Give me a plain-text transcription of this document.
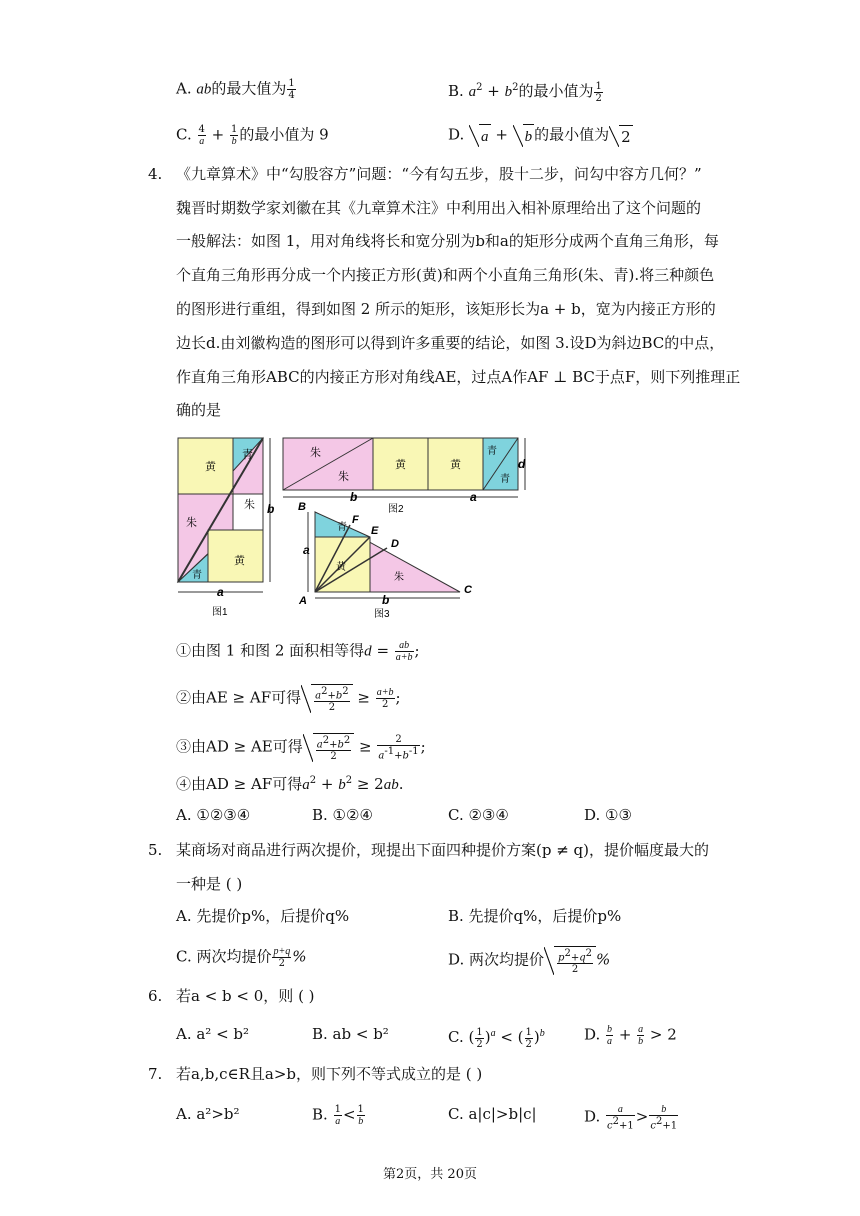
A. ab的最大值为 $\frac{1}{4}$	B. $a^2 + b^2$的最小值为 $\frac{1}{2}$
C. $\frac{4}{a} + \frac{1}{b}$ 的最小值为 9	D. a + b 的最小值为 2
4. 《九章算术》中“勾股容方”问题：“今有勾五步，股十二步，问勾中容方几何？”
魏晋时期数学家刘徽在其《九章算术注》中利用出入相补原理给出了这个问题的
一般解法：如图 1，用对角线将长和宽分别为b和a的矩形分成两个直角三角形，每
个直角三角形再分成一个内接正方形(黄)和两个小直角三角形(朱、青).将三种颜色
的图形进行重组，得到如图 2 所示的矩形，该矩形长为a + b，宽为内接正方形的
边长d.由刘徽构造的图形可以得到许多重要的结论，如图 3.设D为斜边BC的中点，
作直角三角形ABC的内接正方形对角线AE，过点A作AF ⊥ BC于点F，则下列推理正
确的是
黄
青
朱
朱
黄
青
a
b
图1
朱
朱
黄	黄
青
青
b	a
d
图2
青
黄
朱
B
F
E
D
C
A
a
b
图3
①由图 1 和图 2 面积相等得$d = \frac{ab}{a+b}$ ;
②由AE ≥ AF可得 $\frac{a^2+b^2}{2} \ge \frac{a+b}{2}$ ;
③由AD ≥ AE可得 $\frac{a^2+b^2}{2} \ge \frac{2}{a^{-1}+b^{-1}}$ ;
④由AD ≥ AF可得$a^2 + b^2 \ge 2ab$.
A. ①②③④	B. ①②④	C. ②③④	D. ①③
5. 某商场对商品进行两次提价，现提出下面四种提价方案(p ≠ q)，提价幅度最大的
一种是 ( )
A. 先提价p%，后提价q%	B. 先提价q%，后提价p%
C. 两次均提价 $\frac{p+q}{2}$ %	D. 两次均提价 $\frac{p^2+q^2}{2}$ %
6. 若a < b < 0，则 ( )
A. a² < b²	B. ab < b²	C. ( $\frac{1}{2} )^a$ < ( $\frac{1}{2} )^b$	D. $\frac{b}{a} + \frac{a}{b} > 2$
7. 若a,b,c∈R且a>b，则下列不等式成立的是 ( )
A. a²>b²	B. $\frac{1}{a} < \frac{1}{b}$	C. a|c|>b|c|	D. $\frac{a}{c^2+1} > \frac{b}{c^2+1}$
第2页，共 20页
